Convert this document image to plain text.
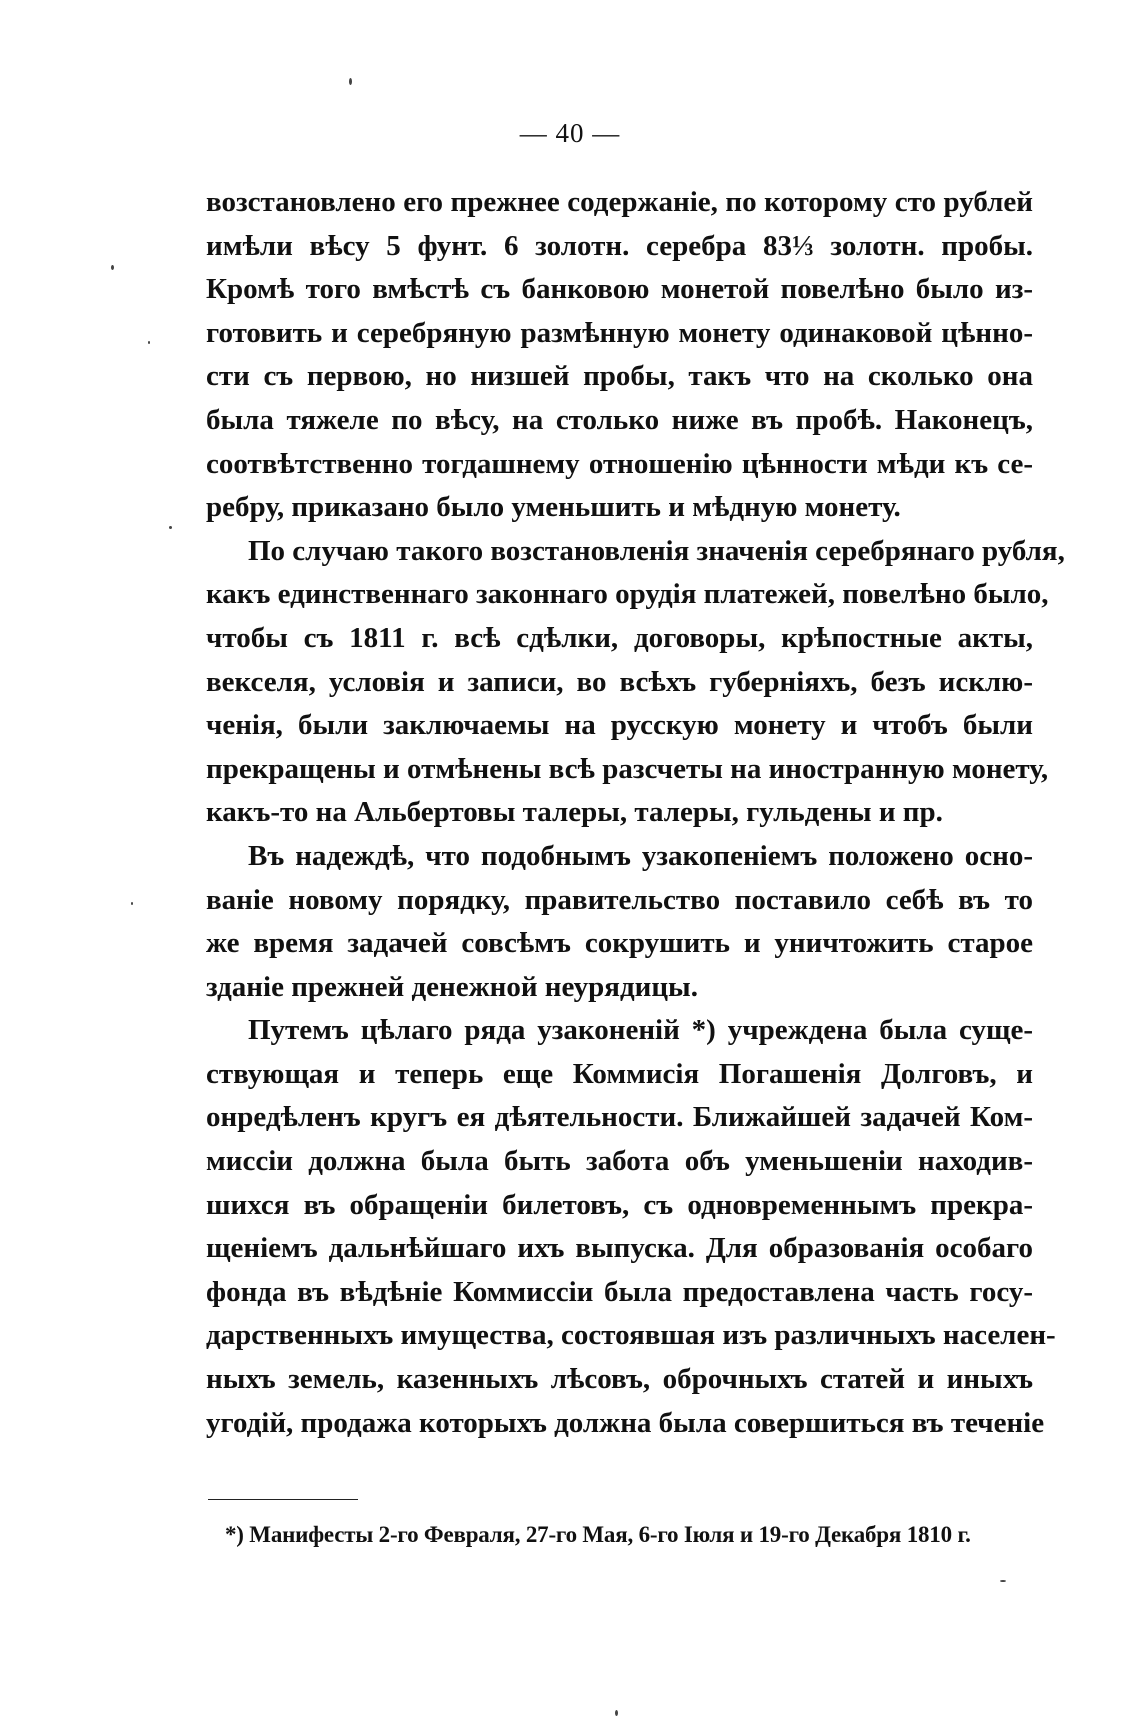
— 40 —

возстановлено его прежнее содержаніе, по которому сто рублей
имѣли вѣсу 5 фунт. 6 золотн. серебра 83⅓ золотн. пробы.
Кромѣ того вмѣстѣ съ банковою монетой повелѣно было из-
готовить и серебряную размѣнную монету одинаковой цѣнно-
сти съ первою, но низшей пробы, такъ что на сколько она
была тяжеле по вѣсу, на столько ниже въ пробѣ. Наконецъ,
соотвѣтственно тогдашнему отношенію цѣнности мѣди къ се-
ребру, приказано было уменьшить и мѣдную монету.

По случаю такого возстановленія значенія серебрянаго рубля,
какъ единственнаго законнаго орудія платежей, повелѣно было,
чтобы съ 1811 г. всѣ сдѣлки, договоры, крѣпостные акты,
векселя, условія и записи, во всѣхъ губерніяхъ, безъ исклю-
ченія, были заключаемы на русскую монету и чтобъ были
прекращены и отмѣнены всѣ разсчеты на иностранную монету,
какъ-то на Альбертовы талеры, талеры, гульдены и пр.

Въ надеждѣ, что подобнымъ узакопеніемъ положено осно-
ваніе новому порядку, правительство поставило себѣ въ то
же время задачей совсѣмъ сокрушить и уничтожить старое
зданіе прежней денежной неурядицы.

Путемъ цѣлаго ряда узаконеній *) учреждена была суще-
ствующая и теперь еще Коммисія Погашенія Долговъ, и
онредѣленъ кругъ ея дѣятельности. Ближайшей задачей Ком-
миссіи должна была быть забота объ уменьшеніи находив-
шихся въ обращеніи билетовъ, съ одновременнымъ прекра-
щеніемъ дальнѣйшаго ихъ выпуска. Для образованія особаго
фонда въ вѣдѣніе Коммиссіи была предоставлена часть госу-
дарственныхъ имущества, состоявшая изъ различныхъ населен-
ныхъ земель, казенныхъ лѣсовъ, оброчныхъ статей и иныхъ
угодій, продажа которыхъ должна была совершиться въ теченіе

*) Манифесты 2-го Февраля, 27-го Мая, 6-го Іюля и 19-го Декабря 1810 г.
